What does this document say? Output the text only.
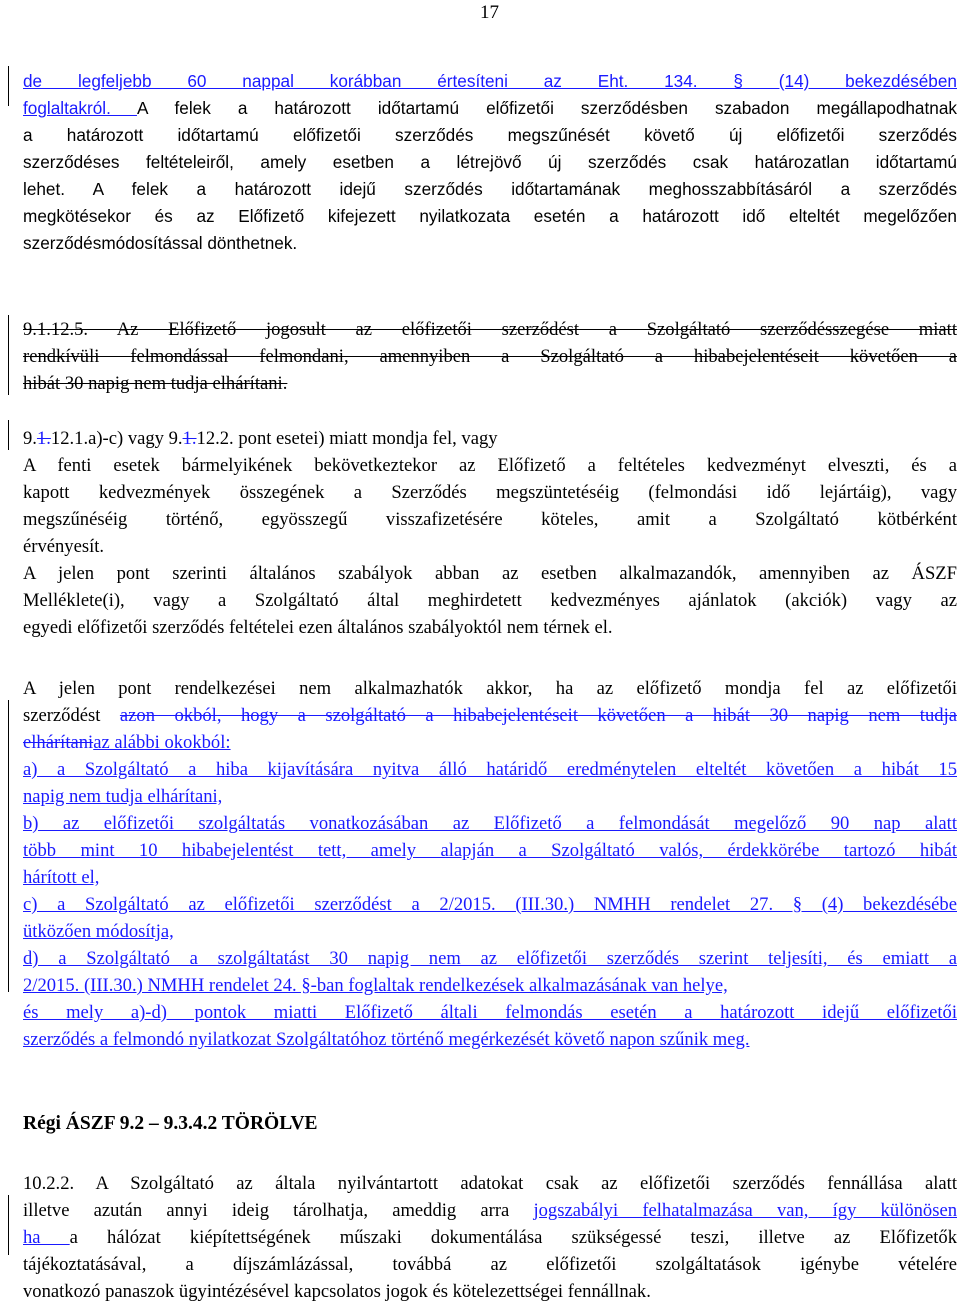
17
de legfeljebb 60 nappal korábban értesíteni az Eht. 134. § (14) bekezdésében
foglaltakról. A felek a határozott időtartamú előfizetői szerződésben szabadon megállapodhatnak
a határozott időtartamú előfizetői szerződés megszűnését követő új előfizetői szerződés
szerződéses feltételeiről, amely esetben a létrejövő új szerződés csak határozatlan időtartamú
lehet. A felek a határozott idejű szerződés időtartamának meghosszabbításáról a szerződés
megkötésekor és az Előfizető kifejezett nyilatkozata esetén a határozott idő elteltét megelőzően
szerződésmódosítással dönthetnek.
9.1.12.5. Az Előfizető jogosult az előfizetői szerződést a Szolgáltató szerződésszegése miatt
rendkívüli felmondással felmondani, amennyiben a Szolgáltató a hibabejelentéseit követően a
hibát 30 napig nem tudja elhárítani.
9.1.12.1.a)-c) vagy 9.1.12.2. pont esetei) miatt mondja fel, vagy
A fenti esetek bármelyikének bekövetkeztekor az Előfizető a feltételes kedvezményt elveszti, és a
kapott kedvezmények összegének a Szerződés megszüntetéséig (felmondási idő lejártáig), vagy
megszűnéséig történő, egyösszegű visszafizetésére köteles, amit a Szolgáltató kötbérként
érvényesít.
A jelen pont szerinti általános szabályok abban az esetben alkalmazandók, amennyiben az ÁSZF
Melléklete(i), vagy a Szolgáltató által meghirdetett kedvezményes ajánlatok (akciók) vagy az
egyedi előfizetői szerződés feltételei ezen általános szabályoktól nem térnek el.
A jelen pont rendelkezései nem alkalmazhatók akkor, ha az előfizető mondja fel az előfizetői
szerződést azon okból, hogy a szolgáltató a hibabejelentéseit követően a hibát 30 napig nem tudja
elhárítaniaz alábbi okokból:
a) a Szolgáltató a hiba kijavítására nyitva álló határidő eredménytelen elteltét követően a hibát 15
napig nem tudja elhárítani,
b) az előfizetői szolgáltatás vonatkozásában az Előfizető a felmondását megelőző 90 nap alatt
több mint 10 hibabejelentést tett, amely alapján a Szolgáltató valós, érdekkörébe tartozó hibát
hárított el,
c) a Szolgáltató az előfizetői szerződést a 2/2015. (III.30.) NMHH rendelet 27. § (4) bekezdésébe
ütközően módosítja,
d) a Szolgáltató a szolgáltatást 30 napig nem az előfizetői szerződés szerint teljesíti, és emiatt a
2/2015. (III.30.) NMHH rendelet 24. §-ban foglaltak rendelkezések alkalmazásának van helye,
és mely a)-d) pontok miatti Előfizető általi felmondás esetén a határozott idejű előfizetői
szerződés a felmondó nyilatkozat Szolgáltatóhoz történő megérkezését követő napon szűnik meg.
Régi ÁSZF 9.2 – 9.3.4.2 TÖRÖLVE
10.2.2. A Szolgáltató az általa nyilvántartott adatokat csak az előfizetői szerződés fennállása alatt
illetve azután annyi ideig tárolhatja, ameddig arra jogszabályi felhatalmazása van, így különösen
ha a hálózat kiépítettségének műszaki dokumentálása szükségessé teszi, illetve az Előfizetők
tájékoztatásával, a díjszámlázással, továbbá az előfizetői szolgáltatások igénybe vételére
vonatkozó panaszok ügyintézésével kapcsolatos jogok és kötelezettségei fennállnak.
